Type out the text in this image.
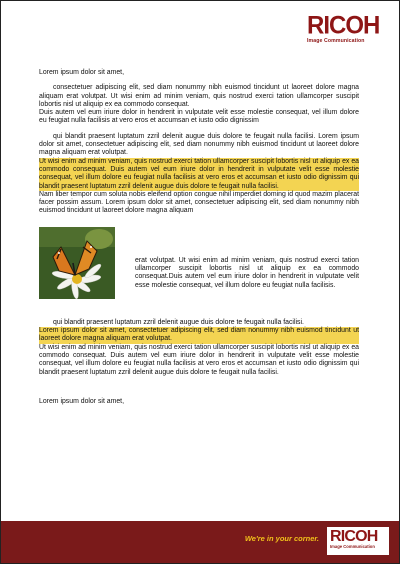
RICOH
Image Communication

Lorem ipsum dolor sit amet,

consectetuer adipiscing elit, sed diam nonummy nibh euismod tincidunt ut laoreet dolore magna aliquam erat volutpat. Ut wisi enim ad minim veniam, quis nostrud exerci tation ullamcorper suscipit lobortis nisl ut aliquip ex ea commodo consequat.

Duis autem vel eum iriure dolor in hendrerit in vulputate velit esse molestie consequat, vel illum dolore eu feugiat nulla facilisis at vero eros et accumsan et iusto odio dignissim

qui blandit praesent luptatum zzril delenit augue duis dolore te feugait nulla facilisi. Lorem ipsum dolor sit amet, consectetuer adipiscing elit, sed diam nonummy nibh euismod tincidunt ut laoreet dolore magna aliquam erat volutpat.

Ut wisi enim ad minim veniam, quis nostrud exerci tation ullamcorper suscipit lobortis nisl ut aliquip ex ea commodo consequat. Duis autem vel eum iriure dolor in hendrerit in vulputate velit esse molestie consequat, vel illum dolore eu feugiat nulla facilisis at vero eros et accumsan et iusto odio dignissim qui blandit praesent luptatum zzril delenit augue duis dolore te feugait nulla facilisi.

Nam liber tempor cum soluta nobis eleifend option congue nihil imperdiet doming id quod mazim placerat facer possim assum. Lorem ipsum dolor sit amet, consectetuer adipiscing elit, sed diam nonummy nibh euismod tincidunt ut laoreet dolore magna aliquam

erat volutpat. Ut wisi enim ad minim veniam, quis nostrud exerci tation ullamcorper suscipit lobortis nisl ut aliquip ex ea commodo consequat.Duis autem vel eum iriure dolor in hendrerit in vulputate velit esse molestie consequat, vel illum dolore eu feugiat nulla facilisis.

qui blandit praesent luptatum zzril delenit augue duis dolore te feugait nulla facilisi.

Lorem ipsum dolor sit amet, consectetuer adipiscing elit, sed diam nonummy nibh euismod tincidunt ut laoreet dolore magna aliquam erat volutpat.

Ut wisi enim ad minim veniam, quis nostrud exerci tation ullamcorper suscipit lobortis nisl ut aliquip ex ea commodo consequat. Duis autem vel eum iriure dolor in hendrerit in vulputate velit esse molestie consequat, vel illum dolore eu feugiat nulla facilisis at vero eros et accumsan et iusto odio dignissim qui blandit praesent luptatum zzril delenit augue duis dolore te feugait nulla facilisi.

Lorem ipsum dolor sit amet,

We're in your corner. RICOH
Image Communication
